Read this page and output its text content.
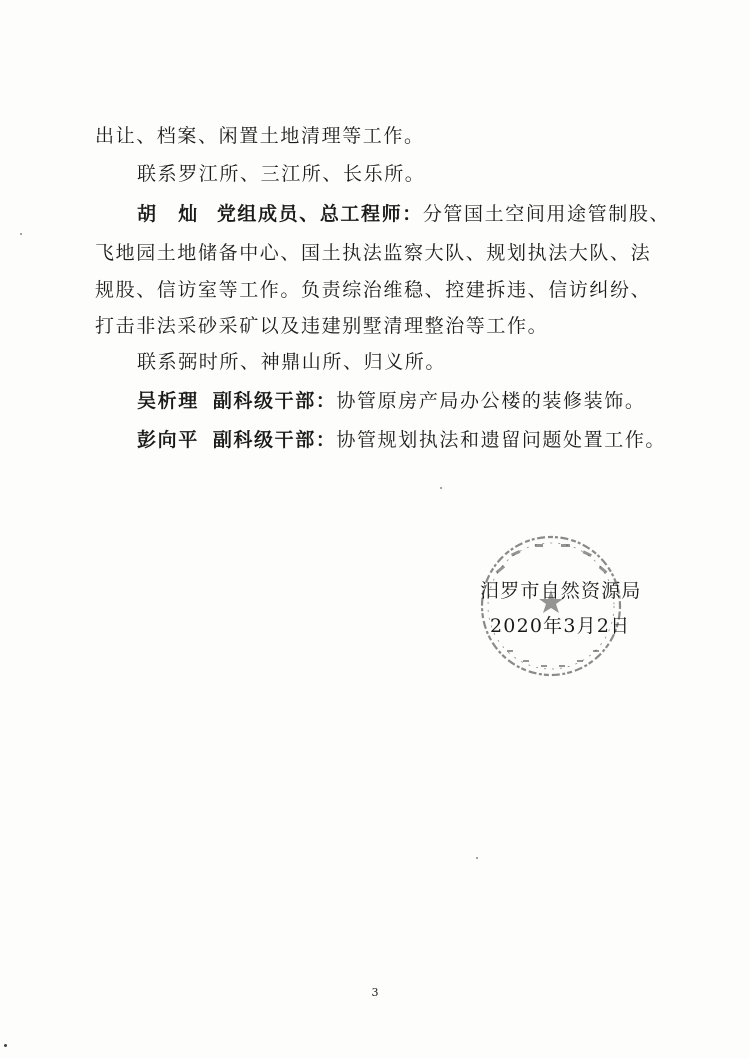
出让、档案、闲置土地清理等工作。
联系罗江所、三江所、长乐所。
胡　灿 党组成员、总工程师：分管国土空间用途管制股、
飞地园土地储备中心、国土执法监察大队、规划执法大队、法
规股、信访室等工作。负责综治维稳、控建拆违、信访纠纷、
打击非法采砂采矿以及违建别墅清理整治等工作。
联系弼时所、神鼎山所、归义所。
吴析理 副科级干部：协管原房产局办公楼的装修装饰。
彭向平 副科级干部：协管规划执法和遗留问题处置工作。
汨罗市自然资源局
2020年3月2日
3
